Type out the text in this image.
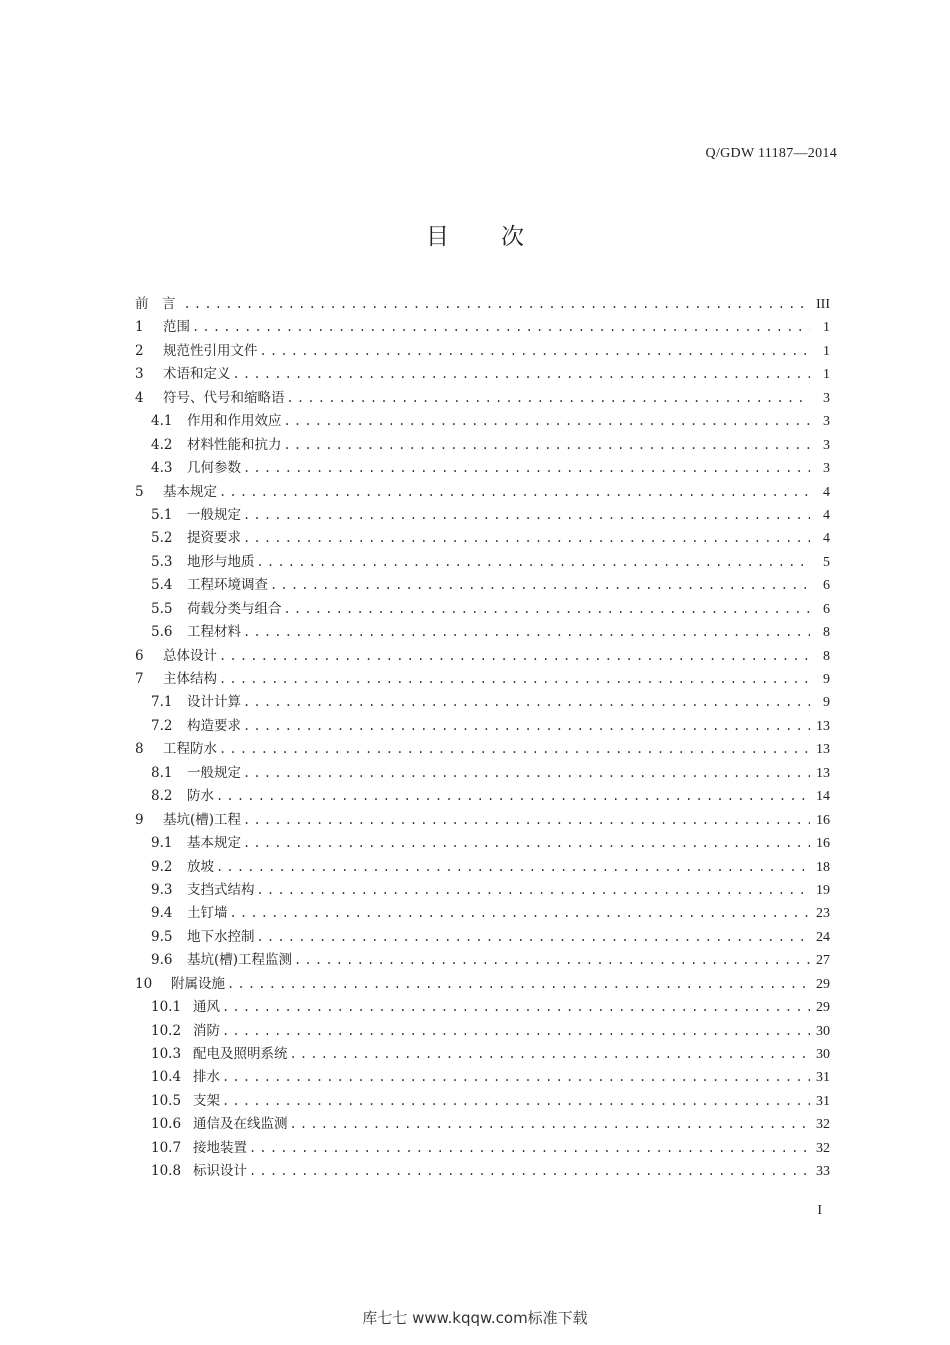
Q/GDW 11187—2014
目 次
前　言 .....	III
1	范围 .....	1
2	规范性引用文件 .....	1
3	术语和定义 .....	1
4	符号、代号和缩略语 .....	3
4.1	作用和作用效应 .....	3
4.2	材料性能和抗力 .....	3
4.3	几何参数 .....	3
5	基本规定 .....	4
5.1	一般规定 .....	4
5.2	提资要求 .....	4
5.3	地形与地质 .....	5
5.4	工程环境调查 .....	6
5.5	荷载分类与组合 .....	6
5.6	工程材料 .....	8
6	总体设计 .....	8
7	主体结构 .....	9
7.1	设计计算 .....	9
7.2	构造要求 .....	13
8	工程防水 .....	13
8.1	一般规定 .....	13
8.2	防水 .....	14
9	基坑(槽)工程 .....	16
9.1	基本规定 .....	16
9.2	放坡 .....	18
9.3	支挡式结构 .....	19
9.4	土钉墙 .....	23
9.5	地下水控制 .....	24
9.6	基坑(槽)工程监测 .....	27
10	附属设施 .....	29
10.1 通风 .....	29
10.2 消防 .....	30
10.3 配电及照明系统 .....	30
10.4 排水 .....	31
10.5 支架 .....	31
10.6 通信及在线监测 .....	32
10.7 接地装置 .....	32
10.8 标识设计 .....	33
I
库七七 www.kqqw.com标准下载
